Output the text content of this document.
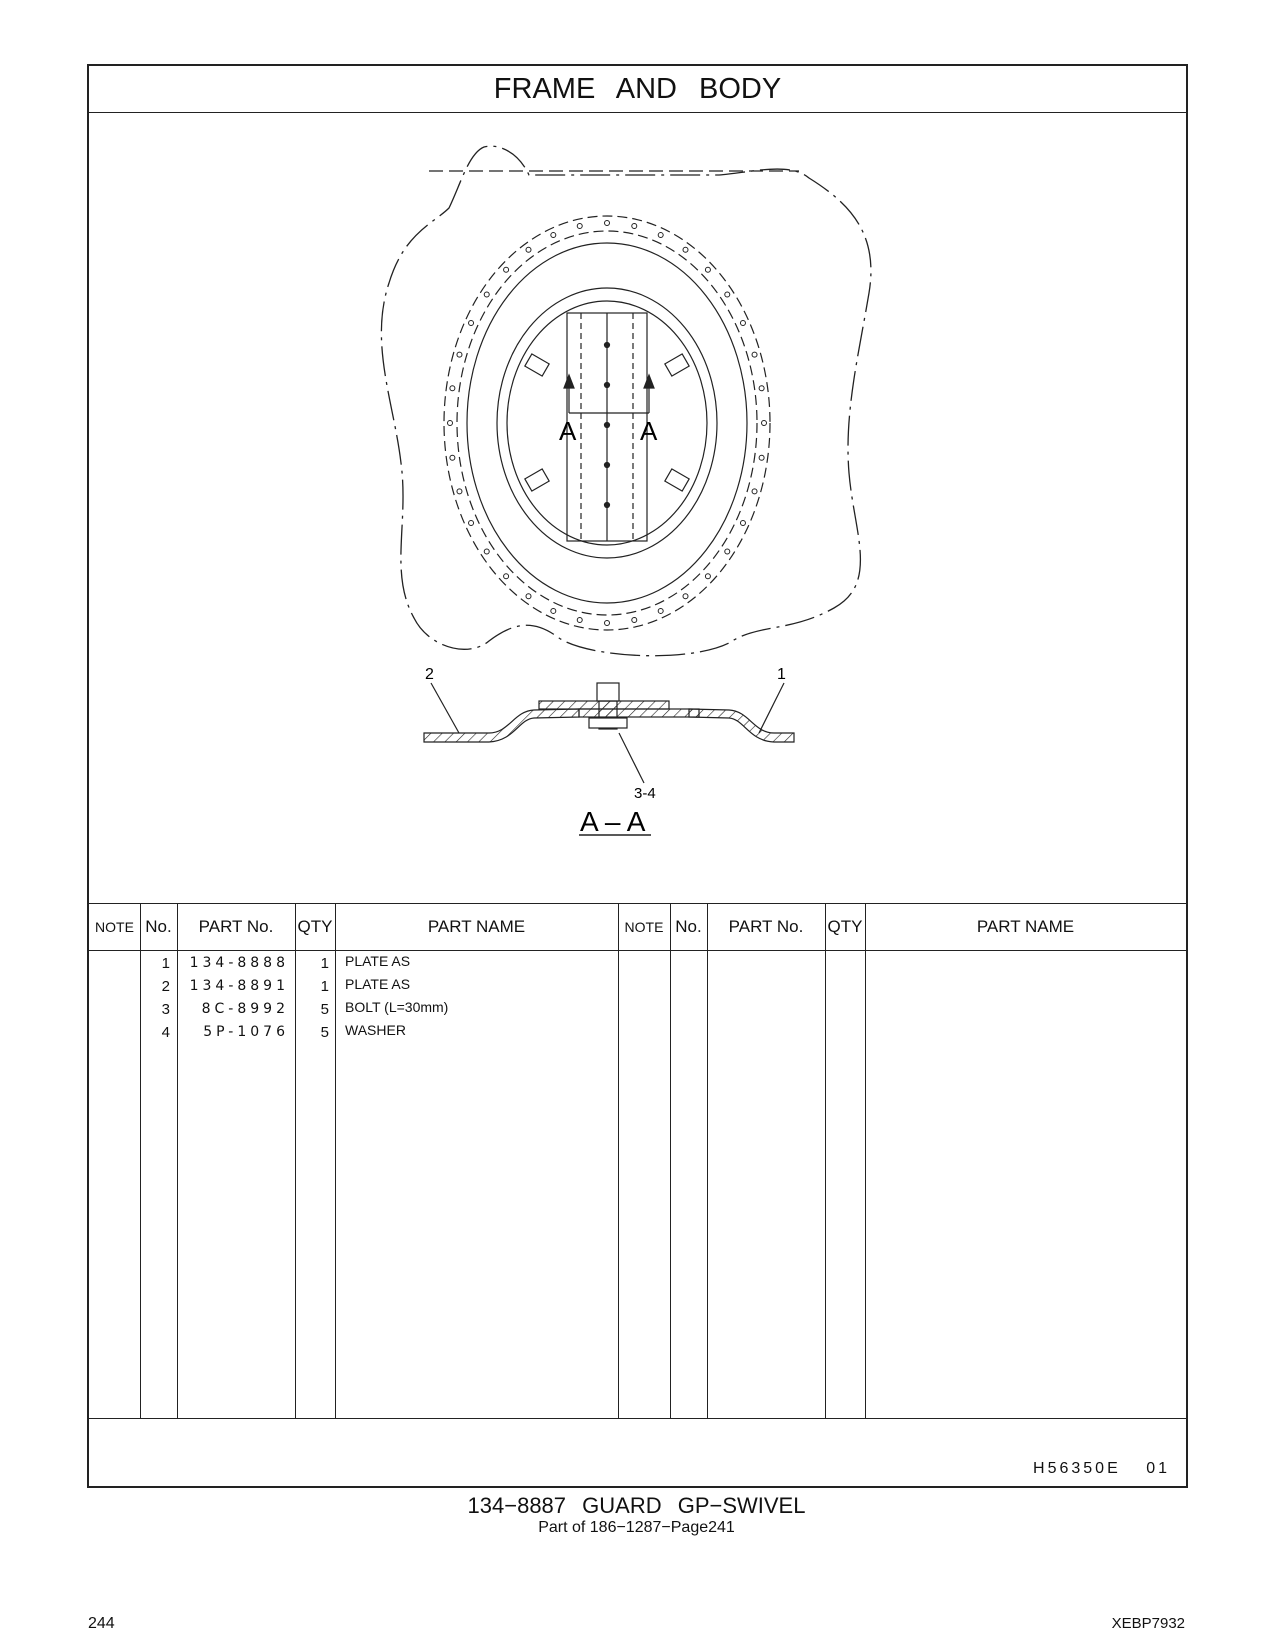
FRAME AND BODY
A A
2	1
3-4
A – A
NOTE No.	PART No.	QTY	PART NAME	NOTE No.	PART No.	QTY	PART NAME
1	134-8888	1 PLATE AS
2	134-8891	1 PLATE AS
3	8C-8992	5 BOLT (L=30mm)
4	5P-1076	5 WASHER
H56350E 01
134−8887 GUARD GP−SWIVEL
Part of 186−1287−Page241
244	XEBP7932
